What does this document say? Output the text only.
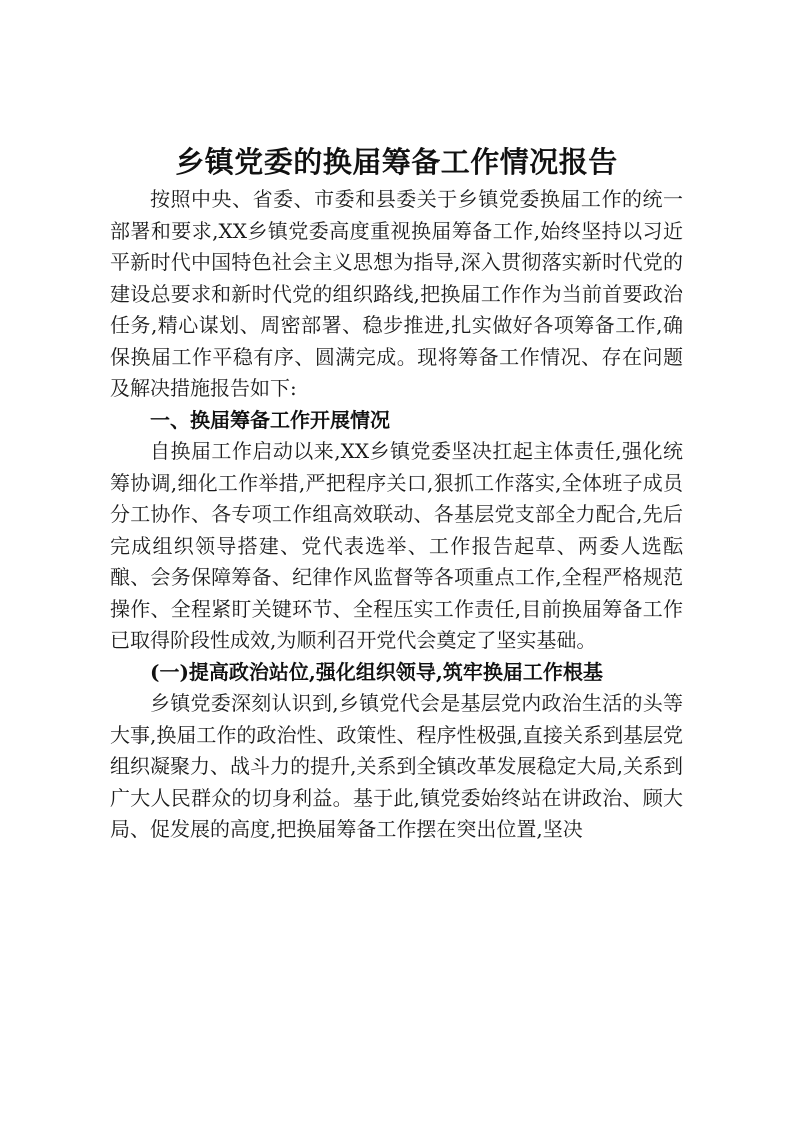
乡镇党委的换届筹备工作情况报告

按照中央、省委、市委和县委关于乡镇党委换届工作的统一部署和要求,XX乡镇党委高度重视换届筹备工作,始终坚持以习近平新时代中国特色社会主义思想为指导,深入贯彻落实新时代党的建设总要求和新时代党的组织路线,把换届工作作为当前首要政治任务,精心谋划、周密部署、稳步推进,扎实做好各项筹备工作,确保换届工作平稳有序、圆满完成。现将筹备工作情况、存在问题及解决措施报告如下:

一、换届筹备工作开展情况

自换届工作启动以来,XX乡镇党委坚决扛起主体责任,强化统筹协调,细化工作举措,严把程序关口,狠抓工作落实,全体班子成员分工协作、各专项工作组高效联动、各基层党支部全力配合,先后完成组织领导搭建、党代表选举、工作报告起草、两委人选酝酿、会务保障筹备、纪律作风监督等各项重点工作,全程严格规范操作、全程紧盯关键环节、全程压实工作责任,目前换届筹备工作已取得阶段性成效,为顺利召开党代会奠定了坚实基础。

(一)提高政治站位,强化组织领导,筑牢换届工作根基

乡镇党委深刻认识到,乡镇党代会是基层党内政治生活的头等大事,换届工作的政治性、政策性、程序性极强,直接关系到基层党组织凝聚力、战斗力的提升,关系到全镇改革发展稳定大局,关系到广大人民群众的切身利益。基于此,镇党委始终站在讲政治、顾大局、促发展的高度,把换届筹备工作摆在突出位置,坚决
